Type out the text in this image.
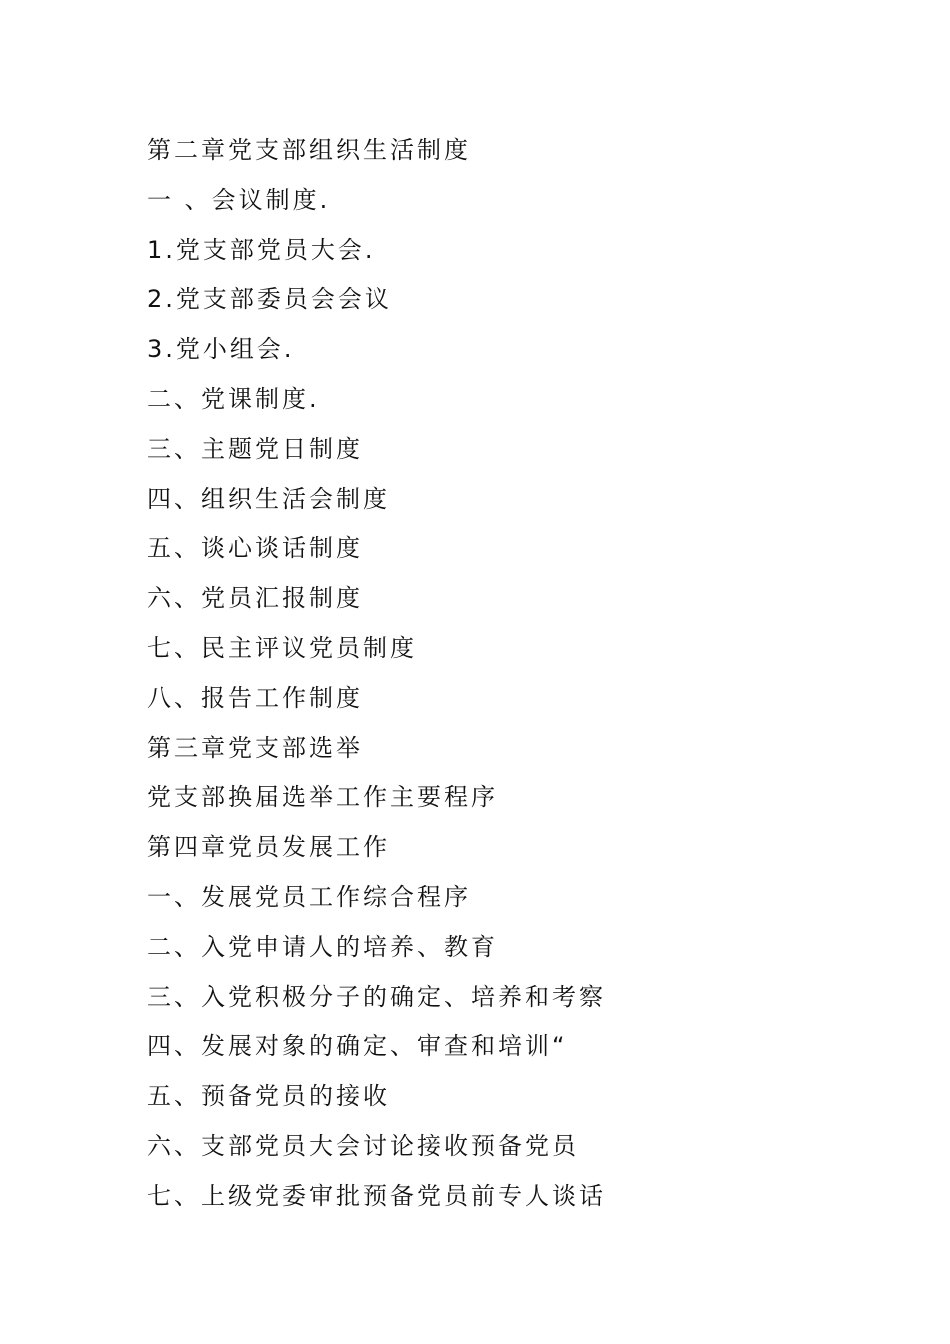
第二章党支部组织生活制度
一 、会议制度.
1.党支部党员大会.
2.党支部委员会会议
3.党小组会.
二、党课制度.
三、主题党日制度
四、组织生活会制度
五、谈心谈话制度
六、党员汇报制度
七、民主评议党员制度
八、报告工作制度
第三章党支部选举
党支部换届选举工作主要程序
第四章党员发展工作
一、发展党员工作综合程序
二、入党申请人的培养、教育
三、入党积极分子的确定、培养和考察
四、发展对象的确定、审查和培训“
五、预备党员的接收
六、支部党员大会讨论接收预备党员
七、上级党委审批预备党员前专人谈话
